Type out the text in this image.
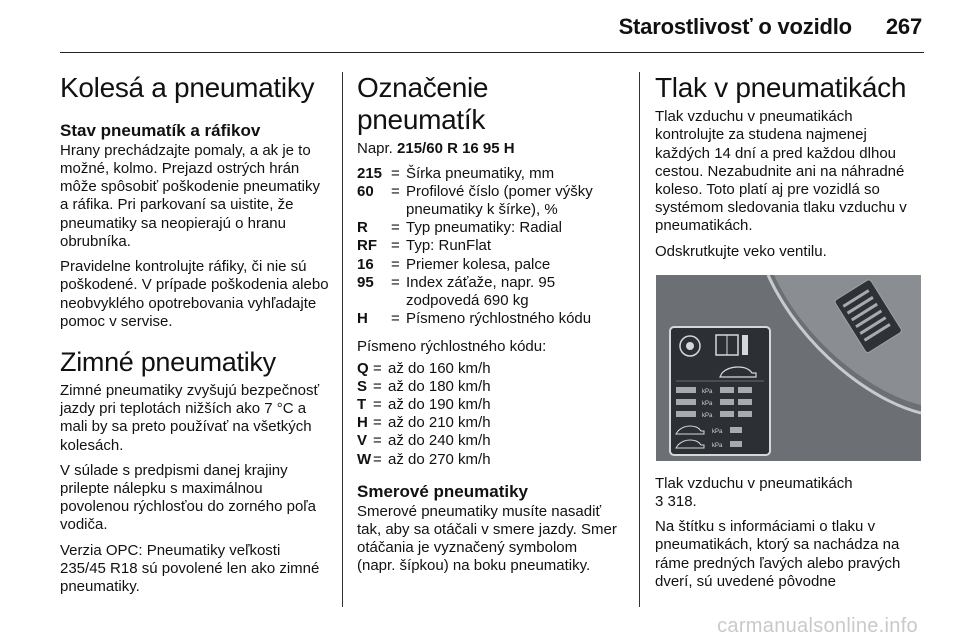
Starostlivosť o vozidlo 267
Kolesá a pneumatiky
Stav pneumatík a ráfikov

Hrany prechádzajte pomaly, a ak je to možné, kolmo. Prejazd ostrých hrán môže spôsobiť poškodenie pneumatiky a ráfika. Pri parkovaní sa uistite, že pneumatiky sa neopierajú o hranu obrubníka.

Pravidelne kontrolujte ráfiky, či nie sú poškodené. V prípade poškodenia alebo neobvyklého opotrebovania vyhľadajte pomoc v servise.

Zimné pneumatiky

Zimné pneumatiky zvyšujú bezpečnosť jazdy pri teplotách nižších ako 7 °C a mali by sa preto používať na všetkých kolesách.

V súlade s predpismi danej krajiny prilepte nálepku s maximálnou povolenou rýchlosťou do zorného poľa vodiča.

Verzia OPC: Pneumatiky veľkosti 235/45 R18 sú povolené len ako zimné pneumatiky.

Označenie pneumatík

Napr. 215/60 R 16 95 H

215 = Šírka pneumatiky, mm
60	= Profilové číslo (pomer výšky pneumatiky k šírke), %
R	= Typ pneumatiky: Radial
RF = Typ: RunFlat
16	= Priemer kolesa, palce
95	= Index záťaže, napr. 95 zodpovedá 690 kg
H	= Písmeno rýchlostného kódu

Písmeno rýchlostného kódu:

Q = až do 160 km/h
S = až do 180 km/h
T = až do 190 km/h
H = až do 210 km/h
V = až do 240 km/h
W = až do 270 km/h
Smerové pneumatiky

Smerové pneumatiky musíte nasadiť tak, aby sa otáčali v smere jazdy. Smer otáčania je vyznačený symbolom (napr. šípkou) na boku pneumatiky.

Tlak v pneumatikách

Tlak vzduchu v pneumatikách kontrolujte za studena najmenej každých 14 dní a pred každou dlhou cestou. Nezabudnite ani na náhradné koleso. Toto platí aj pre vozidlá so systémom sledovania tlaku vzduchu v pneumatikách.

Odskrutkujte veko ventilu.

kPa
kPa
kPa
kPa
kPa

Tlak vzduchu v pneumatikách

3 318.

Na štítku s informáciami o tlaku v pneumatikách, ktorý sa nachádza na ráme predných ľavých alebo pravých dverí, sú uvedené pôvodne

carmanualsonline.info
